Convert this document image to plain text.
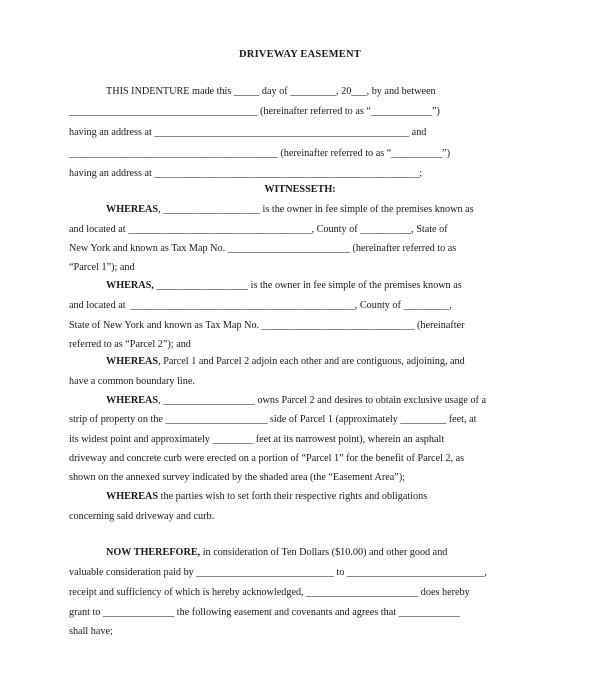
DRIVEWAY EASEMENT
THIS INDENTURE made this _____ day of _________, 20___, by and between
_____________________________________ (hereinafter referred to as “____________”)
having an address at __________________________________________________ and
_________________________________________ (hereinafter referred to as “__________”)
having an address at ____________________________________________________;
WITNESSETH:
WHEREAS, ___________________ is the owner in fee simple of the premises known as
and located at ____________________________________, County of __________, State of
New York and known as Tax Map No. ________________________ (hereinafter referred to as
“Parcel 1”); and
WHERAS, __________________ is the owner in fee simple of the premises known as
and located at  ____________________________________________, County of _________,
State of New York and known as Tax Map No. ______________________________ (hereinafter
referred to as “Parcel 2”); and
WHEREAS, Parcel 1 and Parcel 2 adjoin each other and are contiguous, adjoining, and
have a common boundary line.
WHEREAS, __________________ owns Parcel 2 and desires to obtain exclusive usage of a
strip of property on the ____________________ side of Parcel 1 (approximately _________ feet, at
its widest point and approximately ________ feet at its narrowest point), wherein an asphalt
driveway and concrete curb were erected on a portion of “Parcel 1” for the benefit of Parcel 2, as
shown on the annexed survey indicated by the shaded area (the “Easement Area”);
WHEREAS the parties wish to set forth their respective rights and obligations
concerning said driveway and curb.
NOW THEREFORE, in consideration of Ten Dollars ($10.00) and other good and
valuable consideration paid by ___________________________ to ___________________________,
receipt and sufficiency of which is hereby acknowledged, ______________________ does hereby
grant to ______________ the following easement and covenants and agrees that ____________
shall have;
